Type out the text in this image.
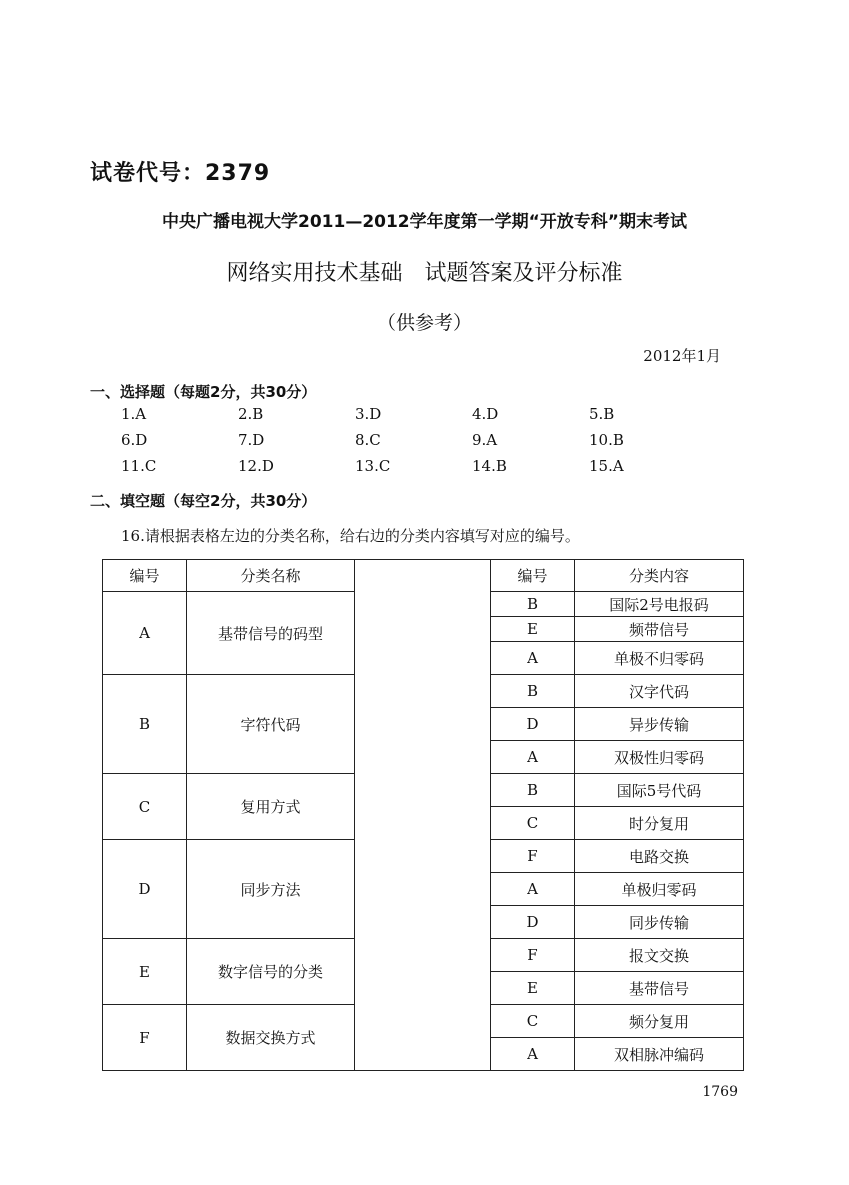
试卷代号：2379
中央广播电视大学2011—2012学年度第一学期“开放专科”期末考试
网络实用技术基础　试题答案及评分标准
（供参考）
2012年1月
一、选择题（每题2分，共30分）
1.A	2.B	3.D	4.D	5.B
6.D	7.D	8.C	9.A	10.B
11.C	12.D	13.C	14.B	15.A
二、填空题（每空2分，共30分）
16.请根据表格左边的分类名称，给右边的分类内容填写对应的编号。
编号	分类名称		编号	分类内容
A	基带信号的码型		B	国际2号电报码
			E	频带信号
			A	单极不归零码
B	字符代码		B	汉字代码
			D	异步传输
			A	双极性归零码
C	复用方式		B	国际5号代码
			C	时分复用
D	同步方法		F	电路交换
			A	单极归零码
			D	同步传输
E	数字信号的分类		F	报文交换
			E	基带信号
F	数据交换方式		C	频分复用
			A	双相脉冲编码
1769
